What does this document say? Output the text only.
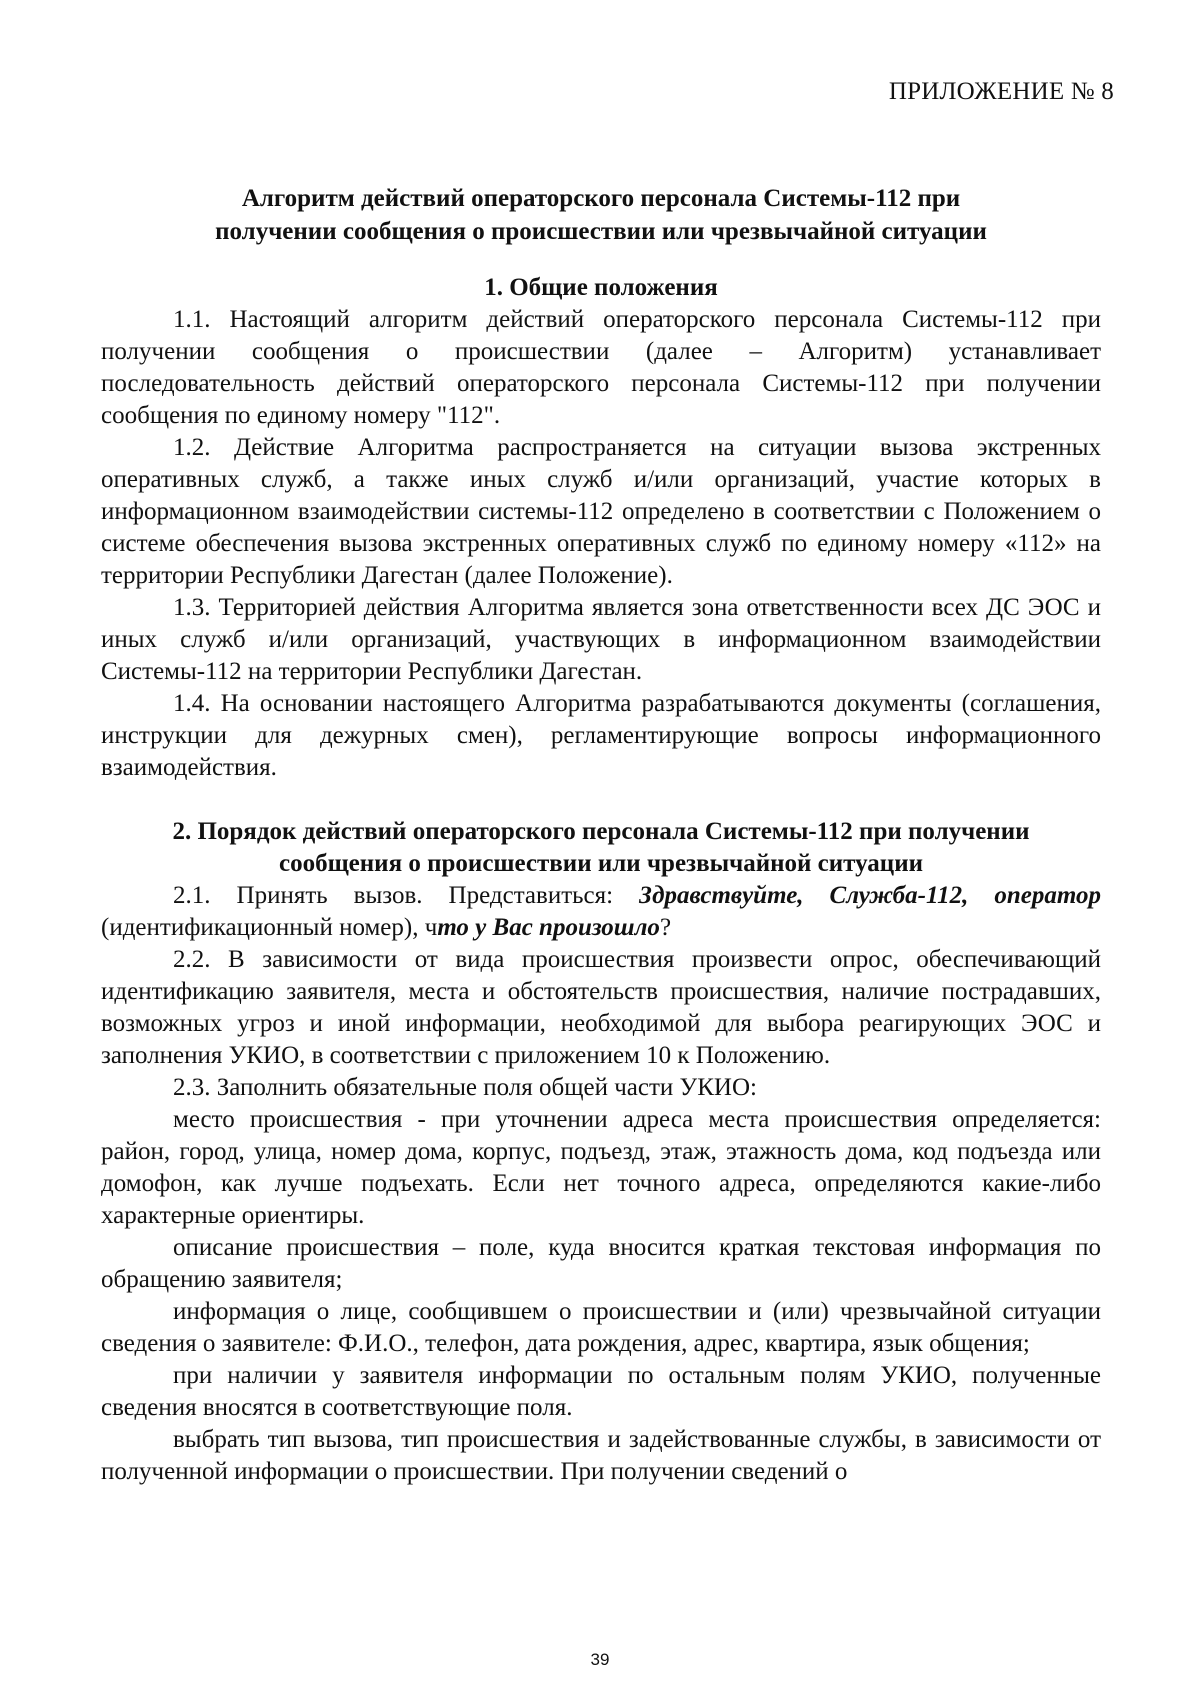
ПРИЛОЖЕНИЕ № 8
Алгоритм действий операторского персонала Системы-112 при
получении сообщения о происшествии или чрезвычайной ситуации
1. Общие положения

1.1. Настоящий алгоритм действий операторского персонала Системы-112 при получении сообщения о происшествии (далее – Алгоритм) устанавливает последовательность действий операторского персонала Системы-112 при получении сообщения по единому номеру "112".

1.2. Действие Алгоритма распространяется на ситуации вызова экстренных оперативных служб, а также иных служб и/или организаций, участие которых в информационном взаимодействии системы-112 определено в соответствии с Положением о системе обеспечения вызова экстренных оперативных служб по единому номеру «112» на территории Республики Дагестан (далее Положение).

1.3. Территорией действия Алгоритма является зона ответственности всех ДС ЭОС и иных служб и/или организаций, участвующих в информационном взаимодействии Системы-112 на территории Республики Дагестан.

1.4. На основании настоящего Алгоритма разрабатываются документы (соглашения, инструкции для дежурных смен), регламентирующие вопросы информационного взаимодействия.

2. Порядок действий операторского персонала Системы-112 при получении
сообщения о происшествии или чрезвычайной ситуации

2.1. Принять вызов. Представиться: Здравствуйте, Служба-112, оператор (идентификационный номер), что у Вас произошло?

2.2. В зависимости от вида происшествия произвести опрос, обеспечивающий идентификацию заявителя, места и обстоятельств происшествия, наличие пострадавших, возможных угроз и иной информации, необходимой для выбора реагирующих ЭОС и заполнения УКИО, в соответствии с приложением 10 к Положению.

2.3. Заполнить обязательные поля общей части УКИО:

место происшествия - при уточнении адреса места происшествия определяется: район, город, улица, номер дома, корпус, подъезд, этаж, этажность дома, код подъезда или домофон, как лучше подъехать. Если нет точного адреса, определяются какие-либо характерные ориентиры.

описание происшествия – поле, куда вносится краткая текстовая информация по обращению заявителя;

информация о лице, сообщившем о происшествии и (или) чрезвычайной ситуации сведения о заявителе: Ф.И.О., телефон, дата рождения, адрес, квартира, язык общения;

при наличии у заявителя информации по остальным полям УКИО, полученные сведения вносятся в соответствующие поля.

выбрать тип вызова, тип происшествия и задействованные службы, в зависимости от полученной информации о происшествии. При получении сведений о

39
